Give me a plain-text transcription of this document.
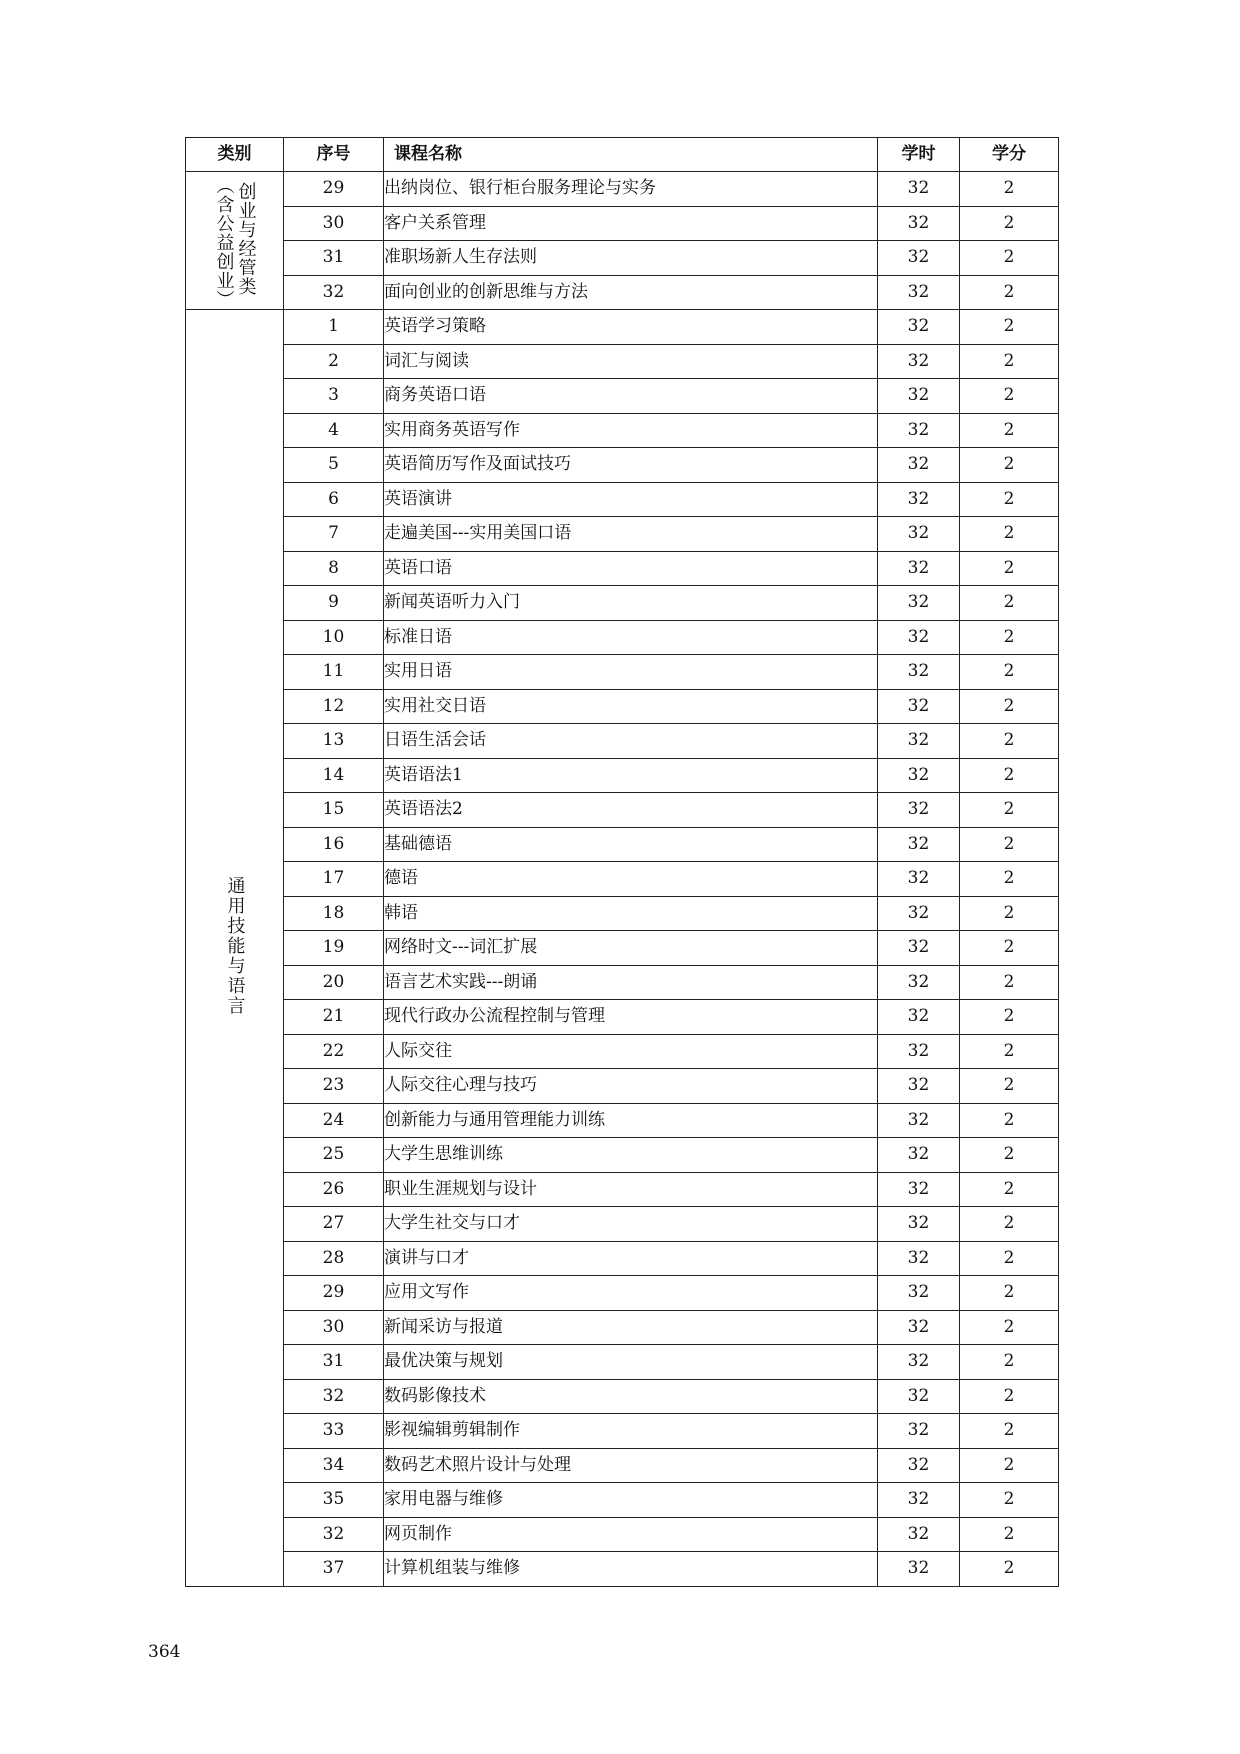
类别	序号	课程名称	学时	学分
创业与经管类（含公益创业）	29	出纳岗位、银行柜台服务理论与实务	32	2
	30	客户关系管理	32	2
	31	准职场新人生存法则	32	2
	32	面向创业的创新思维与方法	32	2
通用技能与语言	1	英语学习策略	32	2
	2	词汇与阅读	32	2
	3	商务英语口语	32	2
	4	实用商务英语写作	32	2
	5	英语简历写作及面试技巧	32	2
	6	英语演讲	32	2
	7	走遍美国---实用美国口语	32	2
	8	英语口语	32	2
	9	新闻英语听力入门	32	2
	10	标准日语	32	2
	11	实用日语	32	2
	12	实用社交日语	32	2
	13	日语生活会话	32	2
	14	英语语法1	32	2
	15	英语语法2	32	2
	16	基础德语	32	2
	17	德语	32	2
	18	韩语	32	2
	19	网络时文---词汇扩展	32	2
	20	语言艺术实践---朗诵	32	2
	21	现代行政办公流程控制与管理	32	2
	22	人际交往	32	2
	23	人际交往心理与技巧	32	2
	24	创新能力与通用管理能力训练	32	2
	25	大学生思维训练	32	2
	26	职业生涯规划与设计	32	2
	27	大学生社交与口才	32	2
	28	演讲与口才	32	2
	29	应用文写作	32	2
	30	新闻采访与报道	32	2
	31	最优决策与规划	32	2
	32	数码影像技术	32	2
	33	影视编辑剪辑制作	32	2
	34	数码艺术照片设计与处理	32	2
	35	家用电器与维修	32	2
	32	网页制作	32	2
	37	计算机组装与维修	32	2
364
